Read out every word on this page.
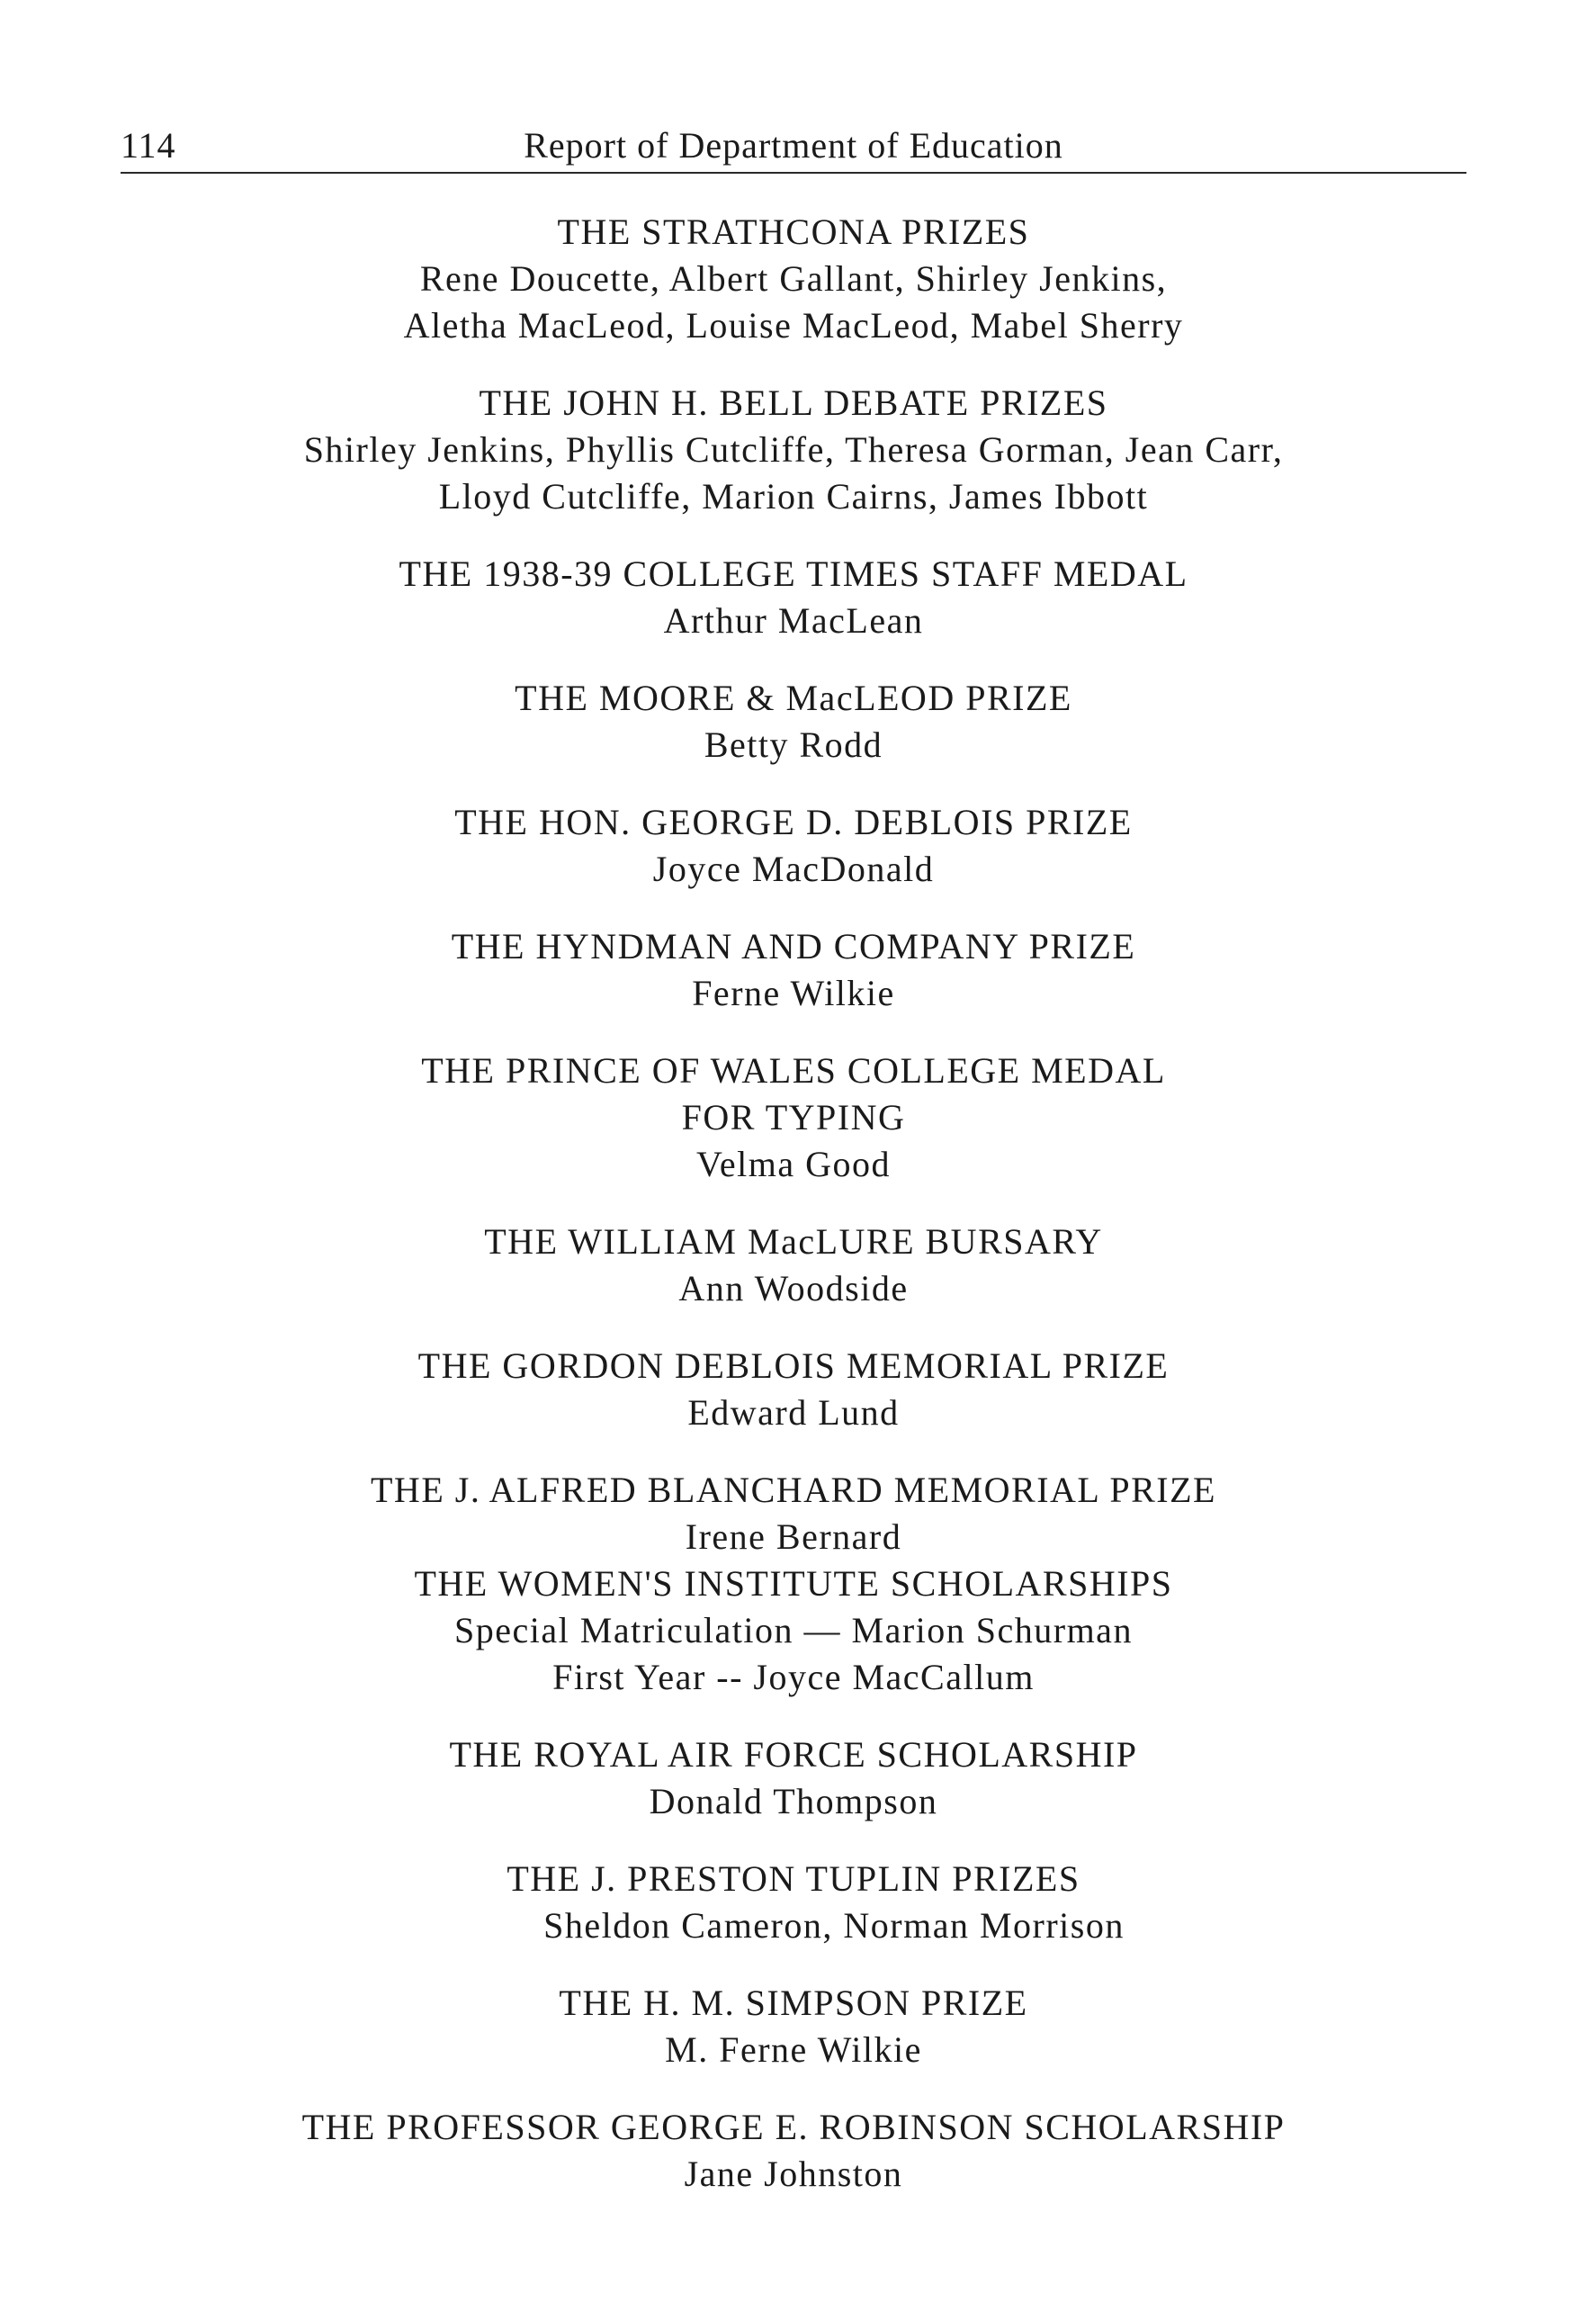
114	Report of Department of Education
THE STRATHCONA PRIZES
Rene Doucette, Albert Gallant, Shirley Jenkins,
Aletha MacLeod, Louise MacLeod, Mabel Sherry
THE JOHN H. BELL DEBATE PRIZES
Shirley Jenkins, Phyllis Cutcliffe, Theresa Gorman, Jean Carr,
Lloyd Cutcliffe, Marion Cairns, James Ibbott
THE 1938-39 COLLEGE TIMES STAFF MEDAL
Arthur MacLean
THE MOORE & MacLEOD PRIZE
Betty Rodd
THE HON. GEORGE D. DEBLOIS PRIZE
Joyce MacDonald
THE HYNDMAN AND COMPANY PRIZE
Ferne Wilkie
THE PRINCE OF WALES COLLEGE MEDAL
FOR TYPING
Velma Good
THE WILLIAM MacLURE BURSARY
Ann Woodside
THE GORDON DEBLOIS MEMORIAL PRIZE
Edward Lund
THE J. ALFRED BLANCHARD MEMORIAL PRIZE
Irene Bernard
THE WOMEN'S INSTITUTE SCHOLARSHIPS
Special Matriculation — Marion Schurman
First Year -- Joyce MacCallum
THE ROYAL AIR FORCE SCHOLARSHIP
Donald Thompson
THE J. PRESTON TUPLIN PRIZES
Sheldon Cameron, Norman Morrison
THE H. M. SIMPSON PRIZE
M. Ferne Wilkie
THE PROFESSOR GEORGE E. ROBINSON SCHOLARSHIP
Jane Johnston
